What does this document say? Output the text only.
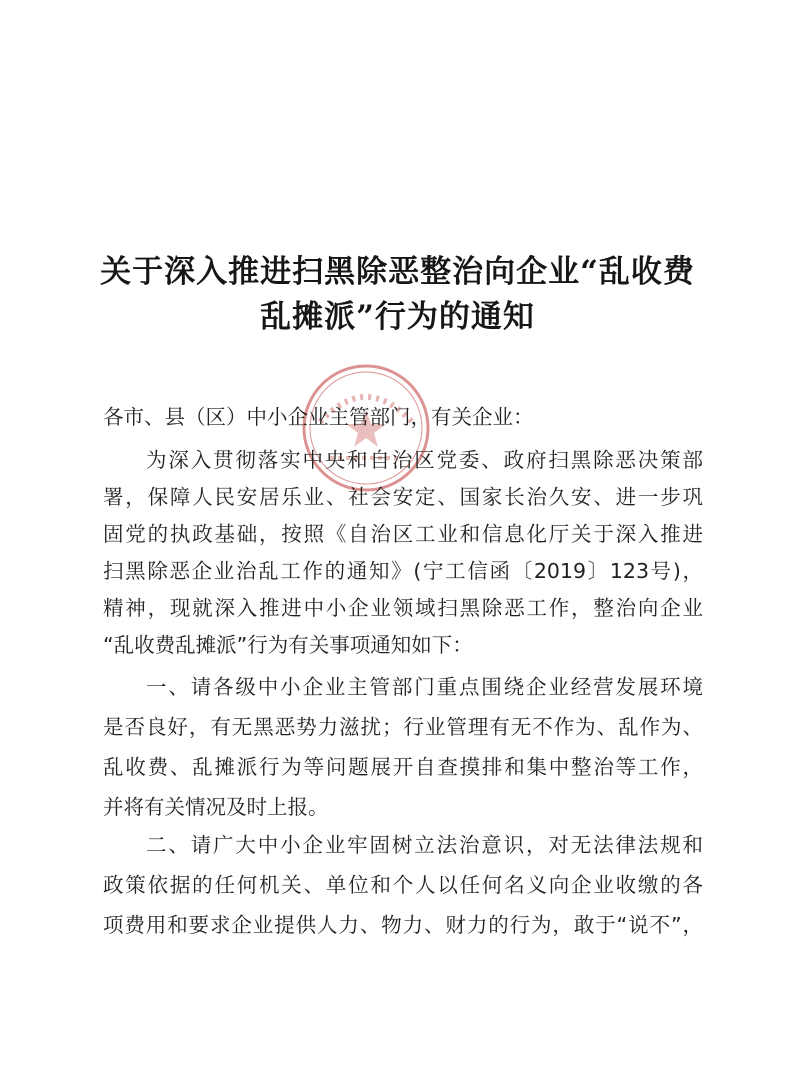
关于深入推进扫黑除恶整治向企业“乱收费
乱摊派”行为的通知
各市、县（区）中小企业主管部门，有关企业：
为深入贯彻落实中央和自治区党委、政府扫黑除恶决策部
署，保障人民安居乐业、社会安定、国家长治久安、进一步巩
固党的执政基础，按照《自治区工业和信息化厅关于深入推进
扫黑除恶企业治乱工作的通知》(宁工信函〔2019〕123号)，
精神，现就深入推进中小企业领域扫黑除恶工作，整治向企业
“乱收费乱摊派”行为有关事项通知如下：
一、请各级中小企业主管部门重点围绕企业经营发展环境
是否良好，有无黑恶势力滋扰；行业管理有无不作为、乱作为、
乱收费、乱摊派行为等问题展开自查摸排和集中整治等工作，
并将有关情况及时上报。
二、请广大中小企业牢固树立法治意识，对无法律法规和
政策依据的任何机关、单位和个人以任何名义向企业收缴的各
项费用和要求企业提供人力、物力、财力的行为，敢于“说不”，
